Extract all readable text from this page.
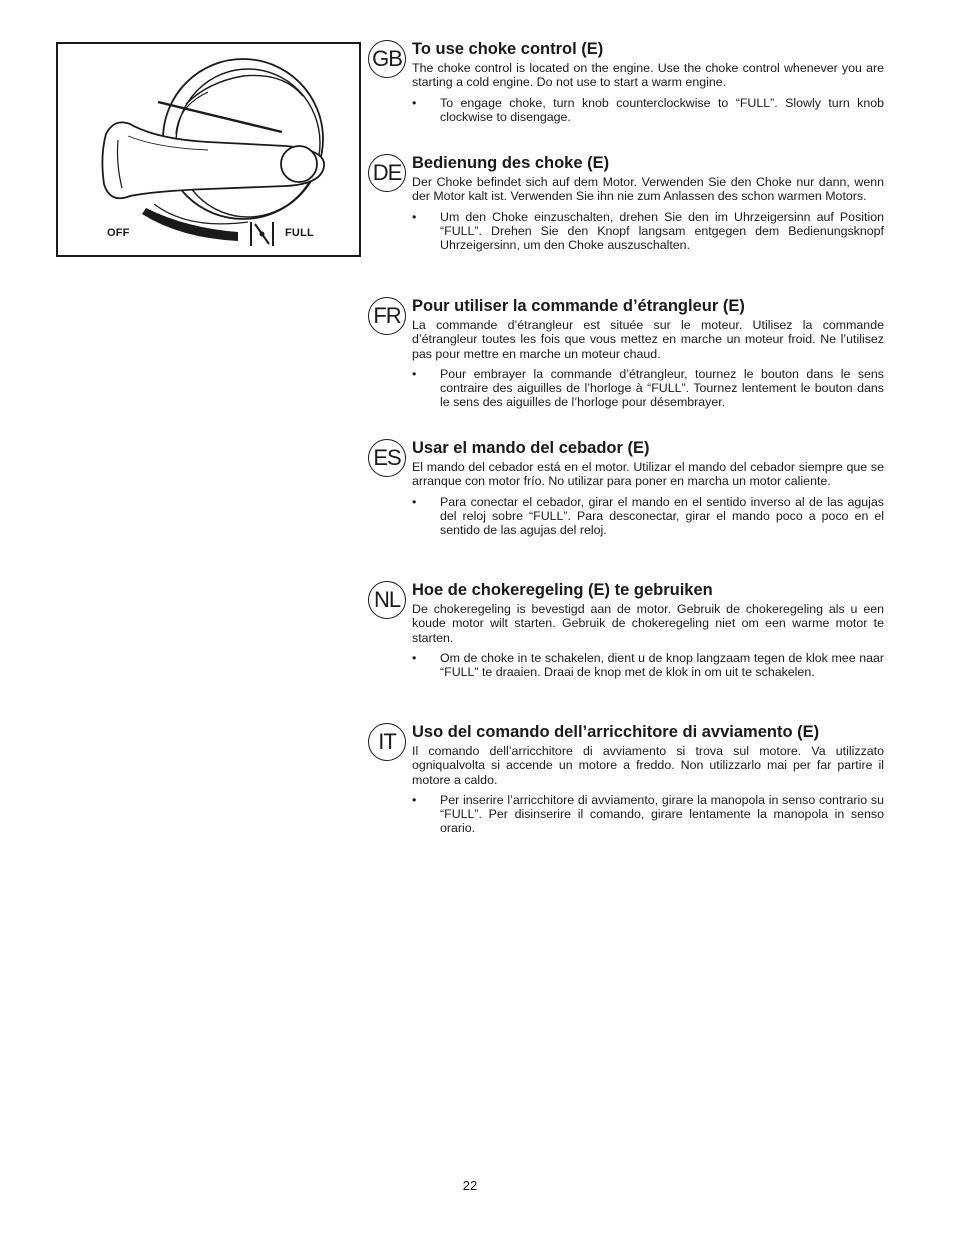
OFF	FULL
GB To use choke control (E)

The choke control is located on the engine. Use the choke control whenever you are starting a cold engine. Do not use to start a warm engine.

• To engage choke, turn knob counterclockwise to “FULL”. Slowly turn knob clockwise to disengage.
DE Bedienung des choke (E)

Der Choke befindet sich auf dem Motor. Verwenden Sie den Choke nur dann, wenn der Motor kalt ist. Verwenden Sie ihn nie zum Anlassen des schon warmen Motors.

• Um den Choke einzuschalten, drehen Sie den im Uhrzeigersinn auf Position “FULL”. Drehen Sie den Knopf langsam entgegen dem Bedienungsknopf Uhrzeigersinn, um den Choke auszuschalten.
FR Pour utiliser la commande d’étrangleur (E)

La commande d’étrangleur est située sur le moteur. Utilisez la commande d’étrangleur toutes les fois que vous mettez en marche un moteur froid. Ne l’utilisez pas pour mettre en marche un moteur chaud.

• Pour embrayer la commande d’étrangleur, tournez le bouton dans le sens contraire des aiguilles de l’horloge à “FULL”. Tournez lentement le bouton dans le sens des aiguilles de l’horloge pour désembrayer.
ES Usar el mando del cebador (E)

El mando del cebador está en el motor. Utilizar el mando del cebador siempre que se arranque con motor frío. No utilizar para poner en marcha un motor caliente.

• Para conectar el cebador, girar el mando en el sentido inverso al de las agujas del reloj sobre “FULL”. Para desconectar, girar el mando poco a poco en el sentido de las agujas del reloj.
NL Hoe de chokeregeling (E) te gebruiken

De chokeregeling is bevestigd aan de motor. Gebruik de chokeregeling als u een koude motor wilt starten. Gebruik de chokeregeling niet om een warme motor te starten.

• Om de choke in te schakelen, dient u de knop langzaam tegen de klok mee naar “FULL” te draaien. Draai de knop met de klok in om uit te schakelen.
IT Uso del comando dell’arricchitore di avviamento (E)

Il comando dell’arricchitore di avviamento si trova sul motore. Va utilizzato ogniqualvolta si accende un motore a freddo. Non utilizzarlo mai per far partire il motore a caldo.

• Per inserire l’arricchitore di avviamento, girare la manopola in senso contrario su “FULL”. Per disinserire il comando, girare lentamente la manopola in senso orario.
22
